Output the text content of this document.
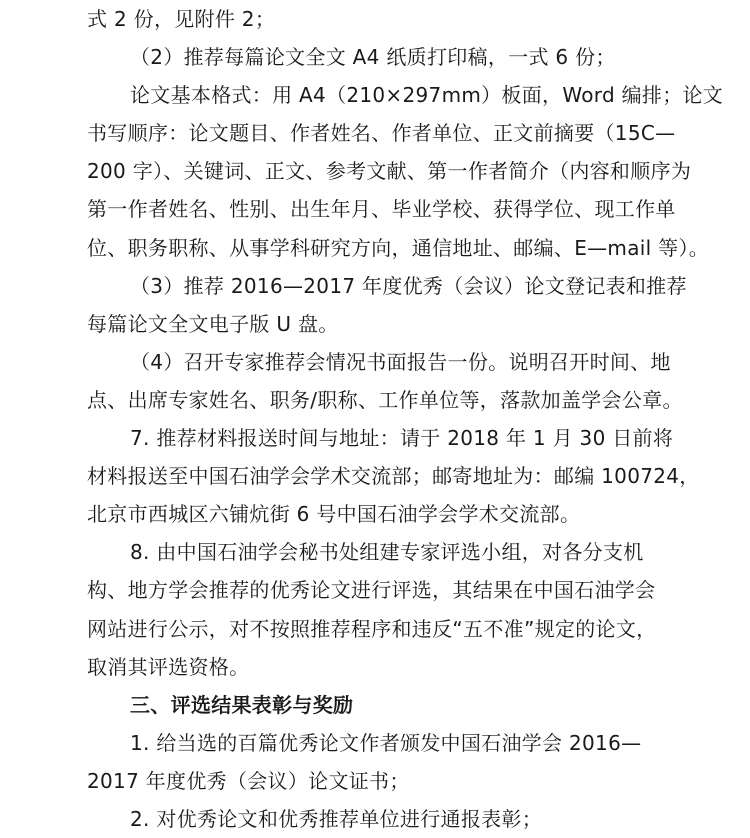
式 2 份，见附件 2；
（2）推荐每篇论文全文 A4 纸质打印稿，一式 6 份；
论文基本格式：用 A4（210×297mm）板面，Word 编排；论文
书写顺序：论文题目、作者姓名、作者单位、正文前摘要（15C—
200 字）、关键词、正文、参考文献、第一作者简介（内容和顺序为
第一作者姓名、性别、出生年月、毕业学校、获得学位、现工作单
位、职务职称、从事学科研究方向，通信地址、邮编、E—mail 等）。
（3）推荐 2016—2017 年度优秀（会议）论文登记表和推荐
每篇论文全文电子版 U 盘。
（4）召开专家推荐会情况书面报告一份。说明召开时间、地
点、出席专家姓名、职务/职称、工作单位等，落款加盖学会公章。
7. 推荐材料报送时间与地址：请于 2018 年 1 月 30 日前将
材料报送至中国石油学会学术交流部；邮寄地址为：邮编 100724，
北京市西城区六铺炕街 6 号中国石油学会学术交流部。
8. 由中国石油学会秘书处组建专家评选小组，对各分支机
构、地方学会推荐的优秀论文进行评选，其结果在中国石油学会
网站进行公示，对不按照推荐程序和违反“五不准”规定的论文，
取消其评选资格。
三、评选结果表彰与奖励
1. 给当选的百篇优秀论文作者颁发中国石油学会 2016—
2017 年度优秀（会议）论文证书；
2. 对优秀论文和优秀推荐单位进行通报表彰；
